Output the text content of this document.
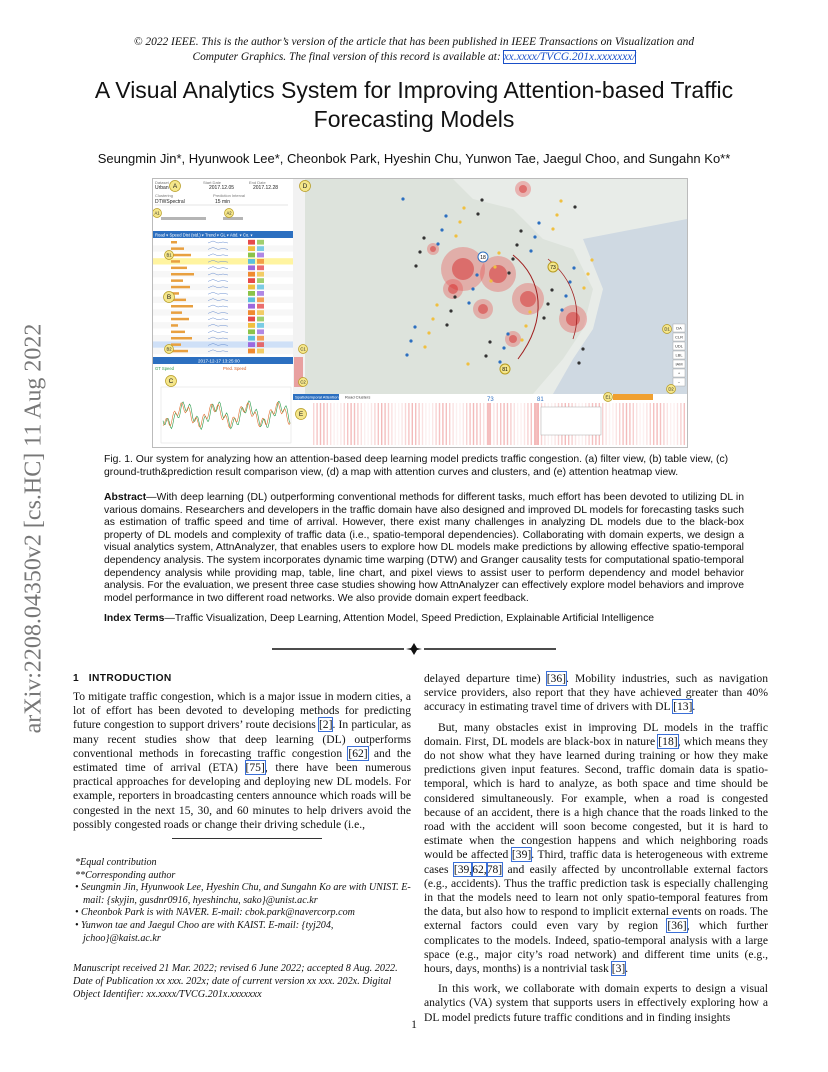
© 2022 IEEE. This is the author’s version of the article that has been published in IEEE Transactions on Visualization and
Computer Graphics. The final version of this record is available at: xx.xxxx/TVCG.201x.xxxxxxx/
A Visual Analytics System for Improving Attention-based Traffic
Forecasting Models
Seungmin Jin*, Hyunwook Lee*, Cheonbok Park, Hyeshin Chu, Yunwon Tae, Jaegul Choo, and Sungahn Ko**
arXiv:2208.04350v2 [cs.HC] 11 Aug 2022
Dataset
Urban
Start Date
2017.12.05
End Date
2017.12.28
Clustering
DTWSpectral
Prediction Interval
15 min
Road ▾ Speed Dist (std.) ▾ Trend ▾ GL ▾ Attd. ▾ Co. ▾
2017-12-17 13:25:00
GT Speed	Pred. Speed
18
73
81
DA
CLR
UDL
LBL
IAM
+
−
Spatiotemporal Attention Road Clusters	73	81
A	D
A1	A2
B1
B
B2
C
C1
C2
D1
D2
E
E1
Fig. 1. Our system for analyzing how an attention-based deep learning model predicts traffic congestion. (a) filter view, (b) table view, (c) ground-truth&prediction result comparison view, (d) a map with attention curves and clusters, and (e) attention heatmap view.
Abstract—With deep learning (DL) outperforming conventional methods for different tasks, much effort has been devoted to utilizing DL in various domains. Researchers and developers in the traffic domain have also designed and improved DL models for forecasting tasks such as estimation of traffic speed and time of arrival. However, there exist many challenges in analyzing DL models due to the black-box property of DL models and complexity of traffic data (i.e., spatio-temporal dependencies). Collaborating with domain experts, we design a visual analytics system, AttnAnalyzer, that enables users to explore how DL models make predictions by allowing effective spatio-temporal dependency analysis. The system incorporates dynamic time warping (DTW) and Granger causality tests for computational spatio-temporal dependency analysis while providing map, table, line chart, and pixel views to assist user to perform dependency and model behavior analysis. For the evaluation, we present three case studies showing how AttnAnalyzer can effectively explore model behaviors and improve model performance in two different road networks. We also provide domain expert feedback.
Index Terms—Traffic Visualization, Deep Learning, Attention Model, Speed Prediction, Explainable Artificial Intelligence
1 INTRODUCTION

To mitigate traffic congestion, which is a major issue in modern cities, a lot of effort has been devoted to developing methods for predicting future congestion to support drivers’ route decisions [2]. In particular, as many recent studies show that deep learning (DL) outperforms conventional methods in forecasting traffic congestion [62] and the estimated time of arrival (ETA) [75], there have been numerous practical approaches for developing and deploying new DL models. For example, reporters in broadcasting centers announce which roads will be congested in the next 15, 30, and 60 minutes to help drivers avoid the possibly congested roads or change their driving schedule (i.e.,

*Equal contribution
**Corresponding author
• Seungmin Jin, Hyunwook Lee, Hyeshin Chu, and Sungahn Ko are with UNIST. E-mail: {skyjin, gusdnr0916, hyeshinchu, sako}@unist.ac.kr
• Cheonbok Park is with NAVER. E-mail: cbok.park@navercorp.com
• Yunwon tae and Jaegul Choo are with KAIST. E-mail: {tyj204, jchoo}@kaist.ac.kr
Manuscript received 21 Mar. 2022; revised 6 June 2022; accepted 8 Aug. 2022. Date of Publication xx xxx. 202x; date of current version xx xxx. 202x. Digital Object Identifier: xx.xxxx/TVCG.201x.xxxxxxx

delayed departure time) [36]. Mobility industries, such as navigation service providers, also report that they have achieved greater than 40% accuracy in estimating travel time of drivers with DL [13].

But, many obstacles exist in improving DL models in the traffic domain. First, DL models are black-box in nature [18], which means they do not show what they have learned during training or how they make predictions given input features. Second, traffic domain data is spatio-temporal, which is hard to analyze, as both space and time should be considered simultaneously. For example, when a road is congested because of an accident, there is a high chance that the roads linked to the road with the accident will soon become congested, but it is hard to estimate when the congestion happens and which neighboring roads would be affected [39]. Third, traffic data is heterogeneous with extreme cases [39,62,78] and easily affected by uncontrollable external factors (e.g., accidents). Thus the traffic prediction task is especially challenging in that the models need to learn not only spatio-temporal features from the data, but also how to respond to implicit external events on roads. The external factors could even vary by region [36], which further complicates to the models. Indeed, spatio-temporal analysis with a large space (e.g., major city’s road network) and different time units (e.g., hours, days, months) is a nontrivial task [3].

In this work, we collaborate with domain experts to design a visual analytics (VA) system that supports users in effectively exploring how a DL model predicts future traffic conditions and in finding insights

1
